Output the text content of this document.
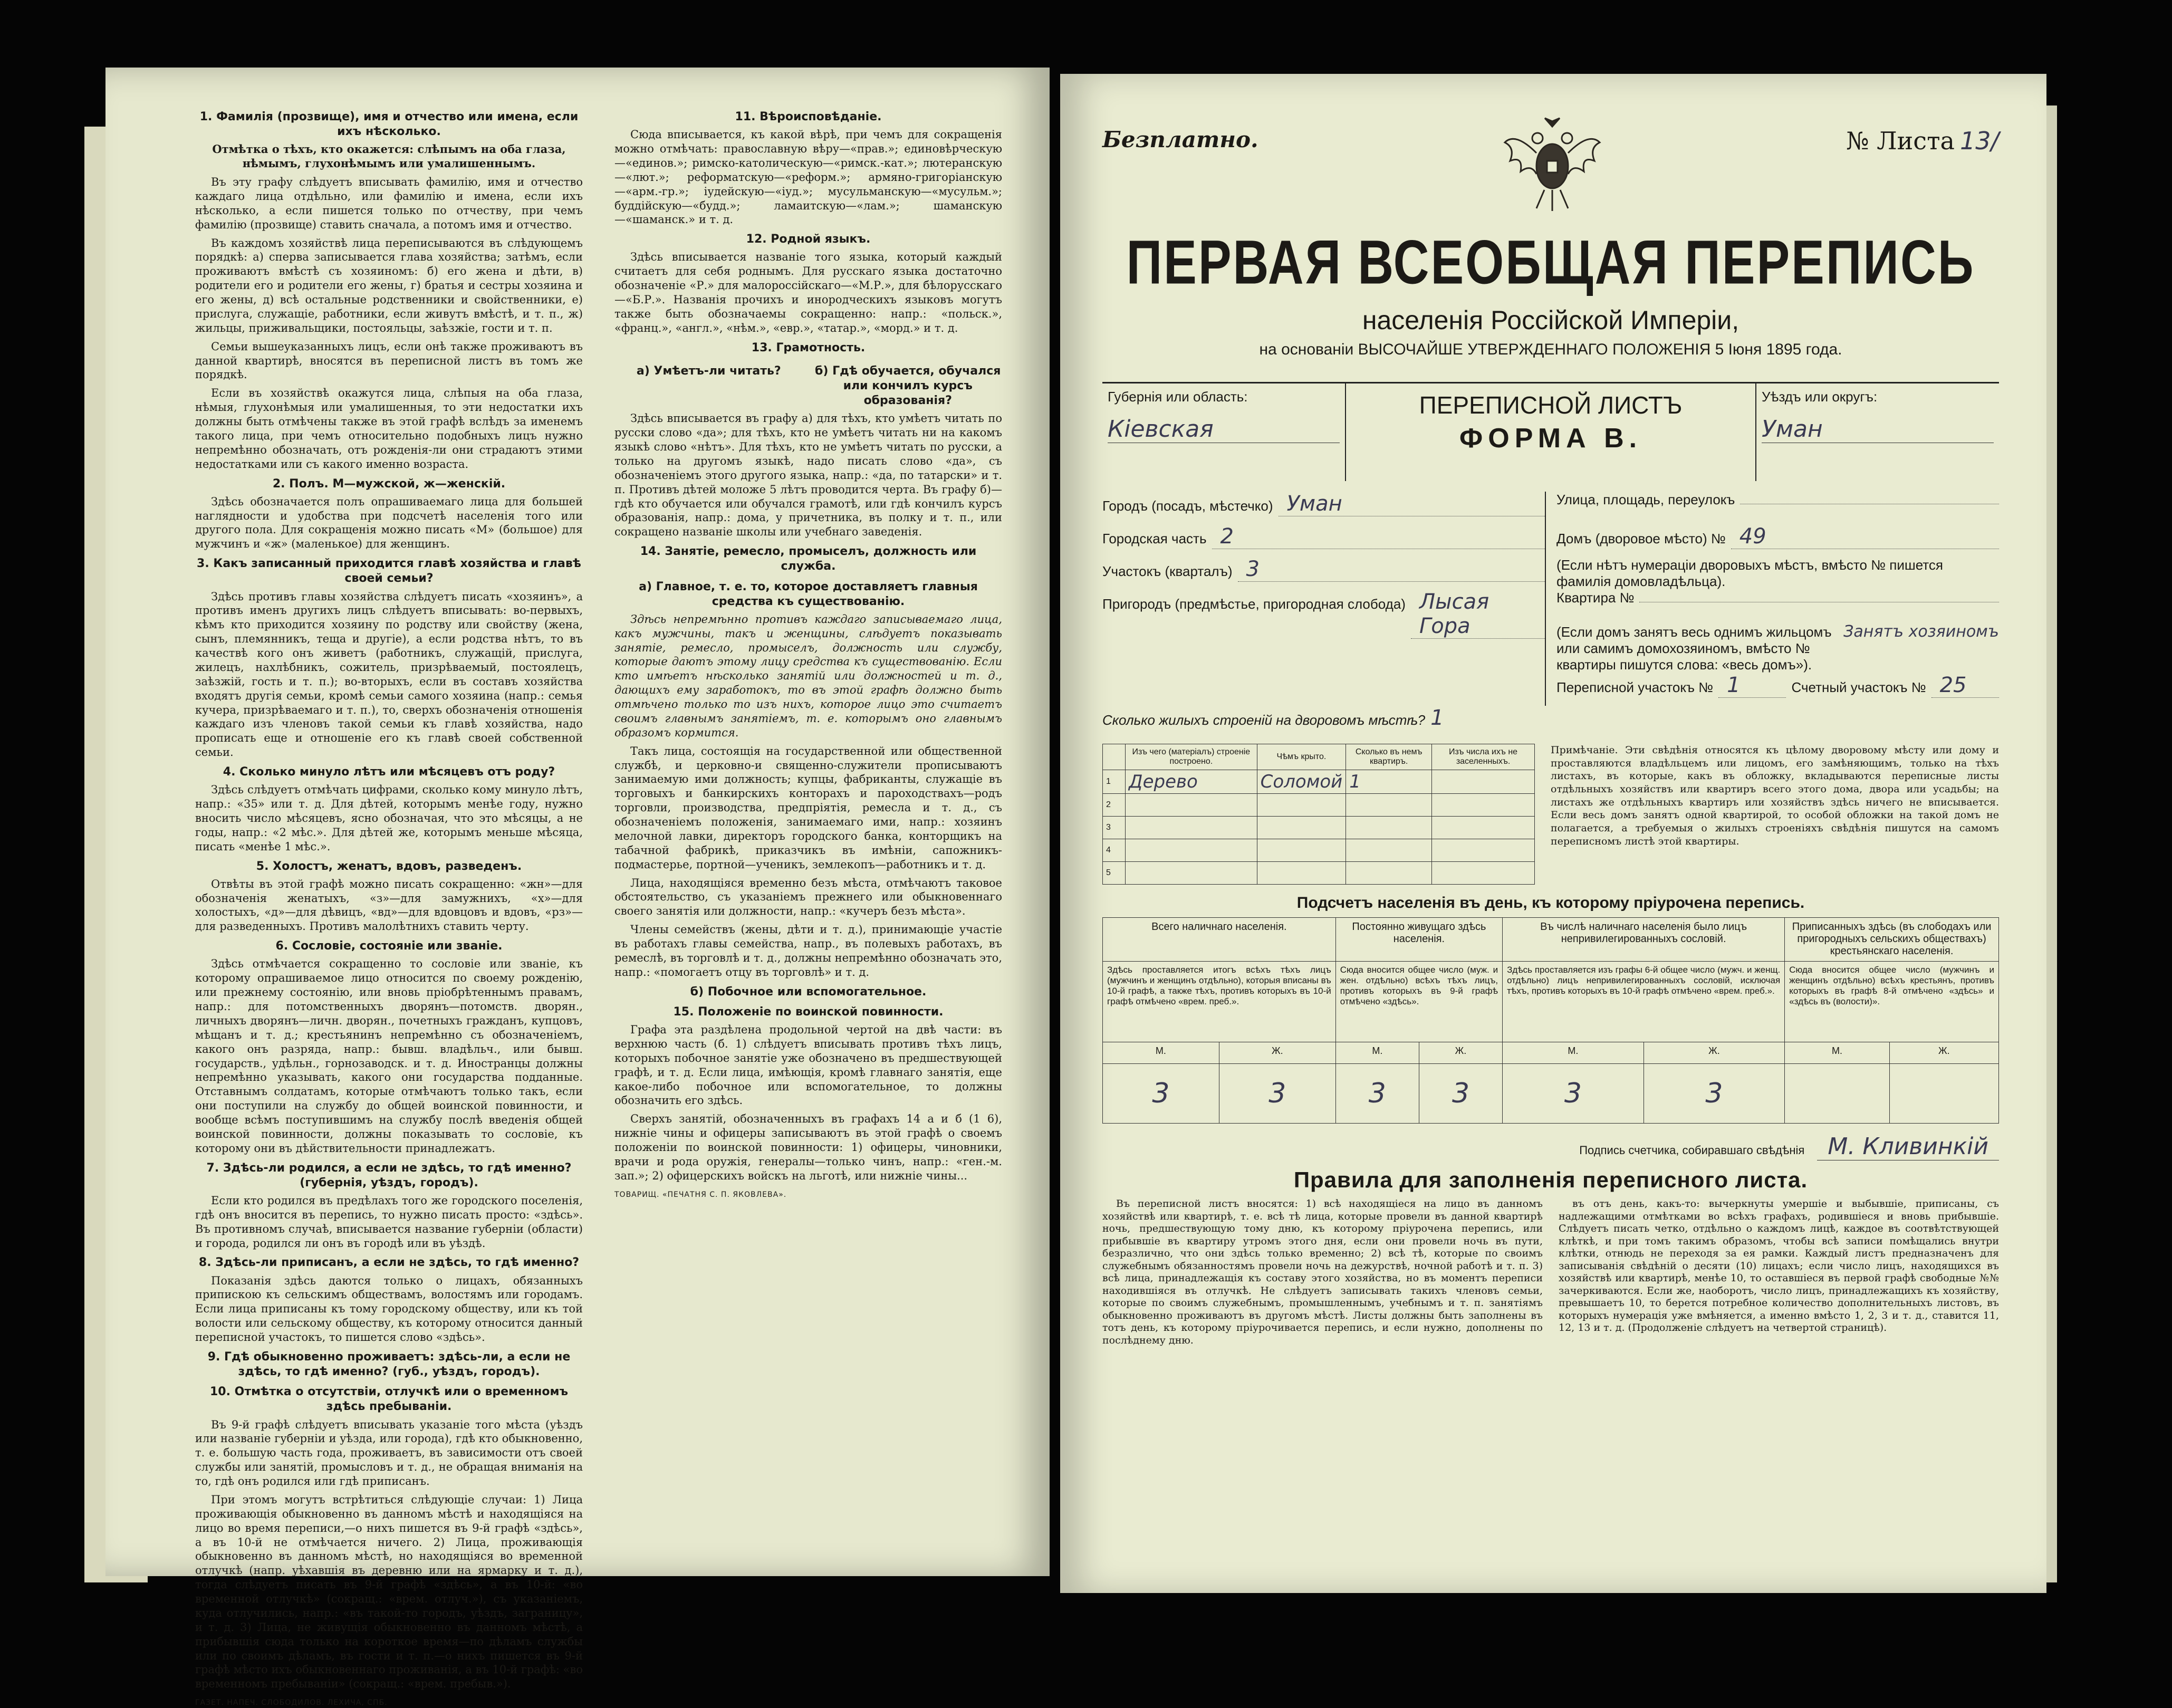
1. Фамилія (прозвище), имя и отчество или имена, если ихъ нѣсколько.

Отмѣтка о тѣхъ, кто окажется: слѣпымъ на оба глаза, нѣмымъ, глухонѣмымъ или умалишеннымъ.

Въ эту графу слѣдуетъ вписывать фамилію, имя и отчество каждаго лица отдѣльно, или фамилію и имена, если ихъ нѣсколько, а если пишется только по отчеству, при чемъ фамилію (прозвище) ставить сначала, а потомъ имя и отчество.

Въ каждомъ хозяйствѣ лица переписываются въ слѣдующемъ порядкѣ: а) сперва записывается глава хозяйства; затѣмъ, если проживаютъ вмѣстѣ съ хозяиномъ: б) его жена и дѣти, в) родители его и родители его жены, г) братья и сестры хозяина и его жены, д) всѣ остальные родственники и свойственники, е) прислуга, служащіе, работники, если живутъ вмѣстѣ, и т. п., ж) жильцы, приживальщики, постояльцы, заѣзжіе, гости и т. п.

Семьи вышеуказанныхъ лицъ, если онѣ также проживаютъ въ данной квартирѣ, вносятся въ переписной листъ въ томъ же порядкѣ.

Если въ хозяйствѣ окажутся лица, слѣпыя на оба глаза, нѣмыя, глухонѣмыя или умалишенныя, то эти недостатки ихъ должны быть отмѣчены также въ этой графѣ вслѣдъ за именемъ такого лица, при чемъ относительно подобныхъ лицъ нужно непремѣнно обозначать, отъ рожденія-ли они страдаютъ этими недостатками или съ какого именно возраста.

2. Полъ. М—мужской, ж—женскій.

Здѣсь обозначается полъ опрашиваемаго лица для большей наглядности и удобства при подсчетѣ населенія того или другого пола. Для сокращенія можно писать «М» (большое) для мужчинъ и «ж» (маленькое) для женщинъ.

3. Какъ записанный приходится главѣ хозяйства и главѣ своей семьи?

Здѣсь противъ главы хозяйства слѣдуетъ писать «хозяинъ», а противъ именъ другихъ лицъ слѣдуетъ вписывать: во-первыхъ, кѣмъ кто приходится хозяину по родству или свойству (жена, сынъ, племянникъ, теща и другіе), а если родства нѣтъ, то въ качествѣ кого онъ живетъ (работникъ, служащій, прислуга, жилецъ, нахлѣбникъ, сожитель, призрѣваемый, постоялецъ, заѣзжій, гость и т. п.); во-вторыхъ, если въ составъ хозяйства входятъ другія семьи, кромѣ семьи самого хозяина (напр.: семья кучера, призрѣваемаго и т. п.), то, сверхъ обозначенія отношенія каждаго изъ членовъ такой семьи къ главѣ хозяйства, надо прописать еще и отношеніе его къ главѣ своей собственной семьи.

4. Сколько минуло лѣтъ или мѣсяцевъ отъ роду?

Здѣсь слѣдуетъ отмѣчать цифрами, сколько кому минуло лѣтъ, напр.: «35» или т. д. Для дѣтей, которымъ менѣе году, нужно вносить число мѣсяцевъ, ясно обозначая, что это мѣсяцы, а не годы, напр.: «2 мѣс.». Для дѣтей же, которымъ меньше мѣсяца, писать «менѣе 1 мѣс.».

5. Холостъ, женатъ, вдовъ, разведенъ.

Отвѣты въ этой графѣ можно писать сокращенно: «жн»—для обозначенія женатыхъ, «з»—для замужнихъ, «х»—для холостыхъ, «д»—для дѣвицъ, «вд»—для вдовцовъ и вдовъ, «рз»—для разведенныхъ. Противъ малолѣтнихъ ставить черту.

6. Сословіе, состояніе или званіе.

Здѣсь отмѣчается сокращенно то сословіе или званіе, къ которому опрашиваемое лицо относится по своему рожденію, или прежнему состоянію, или вновь пріобрѣтеннымъ правамъ, напр.: для потомственныхъ дворянъ—потомств. дворян., личныхъ дворянъ—личн. дворян., почетныхъ гражданъ, купцовъ, мѣщанъ и т. д.; крестьянинъ непремѣнно съ обозначеніемъ, какого онъ разряда, напр.: бывш. владѣльч., или бывш. государств., удѣльн., горнозаводск. и т. д. Иностранцы должны непремѣнно указывать, какого они государства подданные. Отставнымъ солдатамъ, которые отмѣчаютъ только такъ, если они поступили на службу до общей воинской повинности, и вообще всѣмъ поступившимъ на службу послѣ введенія общей воинской повинности, должны показывать то сословіе, къ которому они въ дѣйствительности принадлежатъ.

7. Здѣсь-ли родился, а если не здѣсь, то гдѣ именно? (губернія, уѣздъ, городъ).

Если кто родился въ предѣлахъ того же городского поселенія, гдѣ онъ вносится въ перепись, то нужно писать просто: «здѣсь». Въ противномъ случаѣ, вписывается название губерніи (области) и города, родился ли онъ въ городѣ или въ уѣздѣ.

8. Здѣсь-ли приписанъ, а если не здѣсь, то гдѣ именно?

Показанія здѣсь даются только о лицахъ, обязанныхъ припискою къ сельскимъ обществамъ, волостямъ или городамъ. Если лица приписаны къ тому городскому обществу, или къ той волости или сельскому обществу, къ которому относится данный переписной участокъ, то пишется слово «здѣсь».

9. Гдѣ обыкновенно проживаетъ: здѣсь-ли, а если не здѣсь, то гдѣ именно? (губ., уѣздъ, городъ).
10. Отмѣтка о отсутствіи, отлучкѣ или о временномъ здѣсь пребываніи.

Въ 9-й графѣ слѣдуетъ вписывать указаніе того мѣста (уѣздъ или названіе губерніи и уѣзда, или города), гдѣ кто обыкновенно, т. е. большую часть года, проживаетъ, въ зависимости отъ своей службы или занятій, промысловъ и т. д., не обращая вниманія на то, гдѣ онъ родился или гдѣ приписанъ.

При этомъ могутъ встрѣтиться слѣдующіе случаи: 1) Лица проживающія обыкновенно въ данномъ мѣстѣ и находящіяся на лицо во время переписи,—о нихъ пишется въ 9-й графѣ «здѣсь», а въ 10-й не отмѣчается ничего. 2) Лица, проживающія обыкновенно въ данномъ мѣстѣ, но находящіяся во временной отлучкѣ (напр. уѣхавшія въ деревню или на ярмарку и т. д.), тогда слѣдуетъ писать въ 9-й графѣ «здѣсь», а въ 10-й: «во временной отлучкѣ» (сокращ.: «врем. отлуч.»), съ указаніемъ, куда отлучились, напр.: «въ такой-то городъ, уѣздъ, заграницу», и т. д. 3) Лица, не живущія обыкновенно въ данномъ мѣстѣ, а прибывшія сюда только на короткое время—по дѣламъ службы или по своимъ дѣламъ, въ гости и т. п.—о нихъ пишется въ 9-й графѣ мѣсто ихъ обыкновеннаго проживанія, а въ 10-й графѣ: «во временномъ пребываніи» (сокращ.: «врем. пребыв.»).

ГАЗЕТ. НАПЕЧ. СЛОБОДИЛОВ. ЛЕХИЧА, СПБ.
11. Вѣроисповѣданіе.

Сюда вписывается, къ какой вѣрѣ, при чемъ для сокращенія можно отмѣчать: православную вѣру—«прав.»; единовѣрческую—«единов.»; римско-католическую—«римск.-кат.»; лютеранскую—«лют.»; реформатскую—«реформ.»; армяно-григоріанскую—«арм.-гр.»; іудейскую—«іуд.»; мусульманскую—«мусульм.»; буддійскую—«будд.»; ламаитскую—«лам.»; шаманскую—«шаманск.» и т. д.

12. Родной языкъ.

Здѣсь вписывается названіе того языка, который каждый считаетъ для себя роднымъ. Для русскаго языка достаточно обозначеніе «Р.» для малороссійскаго—«М.Р.», для бѣлорусскаго—«Б.Р.». Названія прочихъ и инородческихъ языковъ могутъ также быть обозначаемы сокращенно: напр.: «польск.», «франц.», «англ.», «нѣм.», «евр.», «татар.», «морд.» и т. д.

13. Грамотность.
а) Умѣетъ-ли читать?	б) Гдѣ обучается, обучался или кончилъ курсъ образованія?

Здѣсь вписывается въ графу а) для тѣхъ, кто умѣетъ читать по русски слово «да»; для тѣхъ, кто не умѣетъ читать ни на какомъ языкѣ слово «нѣтъ». Для тѣхъ, кто не умѣетъ читать по русски, а только на другомъ языкѣ, надо писать слово «да», съ обозначеніемъ этого другого языка, напр.: «да, по татарски» и т. п. Противъ дѣтей моложе 5 лѣтъ проводится черта. Въ графу б)—гдѣ кто обучается или обучался грамотѣ, или гдѣ кончилъ курсъ образованія, напр.: дома, у причетника, въ полку и т. п., или сокращено названіе школы или учебнаго заведенія.

14. Занятіе, ремесло, промыселъ, должность или служба.
а) Главное, т. е. то, которое доставляетъ главныя средства къ существованію.

Здѣсь непремѣнно противъ каждаго записываемаго лица, какъ мужчины, такъ и женщины, слѣдуетъ показывать занятіе, ремесло, промыселъ, должность или службу, которые даютъ этому лицу средства къ существованію. Если кто имѣетъ нѣсколько занятій или должностей и т. д., дающихъ ему заработокъ, то въ этой графѣ должно быть отмѣчено только то изъ нихъ, которое лицо это считаетъ своимъ главнымъ занятіемъ, т. е. которымъ оно главнымъ образомъ кормится.

Такъ лица, состоящія на государственной или общественной службѣ, и церковно-и священно-служители прописываютъ занимаемую ими должность; купцы, фабриканты, служащіе въ торговыхъ и банкирскихъ конторахъ и пароходствахъ—родъ торговли, производства, предпріятія, ремесла и т. д., съ обозначеніемъ положенія, занимаемаго ими, напр.: хозяинъ мелочной лавки, директоръ городского банка, конторщикъ на табачной фабрикѣ, приказчикъ въ имѣніи, сапожникъ-подмастерье, портной—ученикъ, землекопъ—работникъ и т. д.

Лица, находящіяся временно безъ мѣста, отмѣчаютъ таковое обстоятельство, съ указаніемъ прежнего или обыкновеннаго своего занятія или должности, напр.: «кучеръ безъ мѣста».

Члены семействъ (жены, дѣти и т. д.), принимающіе участіе въ работахъ главы семейства, напр., въ полевыхъ работахъ, въ ремеслѣ, въ торговлѣ и т. д., должны непремѣнно обозначать это, напр.: «помогаетъ отцу въ торговлѣ» и т. д.

б) Побочное или вспомогательное.
15. Положеніе по воинской повинности.

Графа эта раздѣлена продольной чертой на двѣ части: въ верхнюю часть (б. 1) слѣдуетъ вписывать противъ тѣхъ лицъ, которыхъ побочное занятіе уже обозначено въ предшествующей графѣ, и т. д. Если лица, имѣющія, кромѣ главнаго занятія, еще какое-либо побочное или вспомогательное, то должны обозначить его здѣсь.

Сверхъ занятій, обозначенныхъ въ графахъ 14 а и б (1 6), нижніе чины и офицеры записываютъ въ этой графѣ о своемъ положеніи по воинской повинности: 1) офицеры, чиновники, врачи и рода оружія, генералы—только чинъ, напр.: «ген.-м. зап.»; 2) офицерскихъ войскъ на льготѣ, или нижніе чины...

ТОВАРИЩ. «ПЕЧАТНЯ С. П. ЯКОВЛЕВА».
Безплатно.	№ Листа 13/
ПЕРВАЯ ВСЕОБЩАЯ ПЕРЕПИСЬ
населенія Россійской Имперіи,
на основаніи ВЫСОЧАЙШЕ УТВЕРЖДЕННАГО ПОЛОЖЕНІЯ 5 Іюня 1895 года.
Губернія или область:
Кіевская
ПЕРЕПИСНОЙ ЛИСТЪ
ФОРМА В.
Уѣздъ или округъ:
Уман
Городъ (посадъ, мѣстечко) Уман
Городская часть 2
Участокъ (кварталъ) 3
Пригородъ (предмѣстье, пригородная слобода) Лысая Гора
Улица, площадь, переулокъ
Домъ (дворовое мѣсто) № 49
(Если нѣтъ нумераціи дворовыхъ мѣстъ, вмѣсто № пишется фамилія домовладѣльца).
Квартира №
(Если домъ занятъ весь однимъ жильцомъ или самимъ домохозяиномъ, вмѣсто № квартиры пишутся слова: «весь домъ»).
Занятъ хозяиномъ
Переписной участокъ № 1	Счетный участокъ № 25
Сколько жилыхъ строеній на дворовомъ мѣстѣ? 1
	Изъ чего (матеріалъ) строеніе построено.	Чѣмъ крыто.	Сколько въ немъ квартиръ.	Изъ числа ихъ не заселенныхъ.
1	Дерево	Соломой	1	
2				
3				
4				
5				
Примѣчаніе. Эти свѣдѣнія относятся къ цѣлому дворовому мѣсту или дому и проставляются владѣльцемъ или лицомъ, его замѣняющимъ, только на тѣхъ листахъ, въ которые, какъ въ обложку, вкладываются переписные листы отдѣльныхъ хозяйствъ или квартиръ всего этого дома, двора или усадьбы; на листахъ же отдѣльныхъ квартиръ или хозяйствъ здѣсь ничего не вписывается. Если весь домъ занятъ одной квартирой, то особой обложки на такой домъ не полагается, а требуемыя о жилыхъ строеніяхъ свѣдѣнія пишутся на самомъ переписномъ листѣ этой квартиры.
Подсчетъ населенія въ день, къ которому пріурочена перепись.
Всего наличнаго населенія.		Постоянно живущаго здѣсь населенія.		Въ числѣ наличнаго населенія было лицъ непривилегированныхъ сословій.		Приписанныхъ здѣсь (въ слободахъ или пригородныхъ сельскихъ обществахъ) крестьянскаго населенія.	
Здѣсь проставляется итогъ всѣхъ тѣхъ лицъ (мужчинъ и женщинъ отдѣльно), которыя вписаны въ 10-й графѣ, а также тѣхъ, противъ которыхъ въ 10-й графѣ отмѣчено «врем. преб.».		Сюда вносится общее число (муж. и жен. отдѣльно) всѣхъ тѣхъ лицъ, противъ которыхъ въ 9-й графѣ отмѣчено «здѣсь».		Здѣсь проставляется изъ графы 6-й общее число (мужч. и женщ. отдѣльно) лицъ непривилегированныхъ сословій, исключая тѣхъ, противъ которыхъ въ 10-й графѣ отмѣчено «врем. преб.».		Сюда вносится общее число (мужчинъ и женщинъ отдѣльно) всѣхъ крестьянъ, противъ которыхъ въ графѣ 8-й отмѣчено «здѣсь» и «здѣсь въ (волости)».	
М.	Ж.	М.	Ж.	М.	Ж.	М.	Ж.
3	3	3	3	3	3		
Подпись счетчика, собиравшаго свѣдѣнія М. Кливинкій
Правила для заполненія переписного листа.

Въ переписной листъ вносятся: 1) всѣ находящіеся на лицо въ данномъ хозяйствѣ или квартирѣ, т. е. всѣ тѣ лица, которые провели въ данной квартирѣ ночь, предшествующую тому дню, къ которому пріурочена перепись, или прибывшіе въ квартиру утромъ этого дня, если они провели ночь въ пути, безразлично, что они здѣсь только временно; 2) всѣ тѣ, которые по своимъ служебнымъ обязанностямъ провели ночь на дежурствѣ, ночной работѣ и т. п. 3) всѣ лица, принадлежащія къ составу этого хозяйства, но въ моментъ переписи находившіяся въ отлучкѣ. Не слѣдуетъ записывать такихъ членовъ семьи, которые по своимъ служебнымъ, промышленнымъ, учебнымъ и т. п. занятіямъ обыкновенно проживаютъ въ другомъ мѣстѣ. Листы должны быть заполнены въ тотъ день, къ которому пріурочивается перепись, и если нужно, дополнены по послѣднему дню.

въ отъ день, какъ-то: вычеркнуты умершіе и выбывшіе, приписаны, съ надлежащими отмѣтками во всѣхъ графахъ, родившіеся и вновь прибывшіе. Слѣдуетъ писать четко, отдѣльно о каждомъ лицѣ, каждое въ соотвѣтствующей клѣткѣ, и при томъ такимъ образомъ, чтобы всѣ записи помѣщались внутри клѣтки, отнюдь не переходя за ея рамки. Каждый листъ предназначенъ для записыванія свѣдѣній о десяти (10) лицахъ; если число лицъ, находящихся въ хозяйствѣ или квартирѣ, менѣе 10, то оставшіеся въ первой графѣ свободные №№ зачеркиваются. Если же, наоборотъ, число лицъ, принадлежащихъ къ хозяйству, превышаетъ 10, то берется потребное количество дополнительныхъ листовъ, въ которыхъ нумерація уже вмѣняется, а именно вмѣсто 1, 2, 3 и т. д., ставится 11, 12, 13 и т. д. (Продолженіе слѣдуетъ на четвертой страницѣ).
